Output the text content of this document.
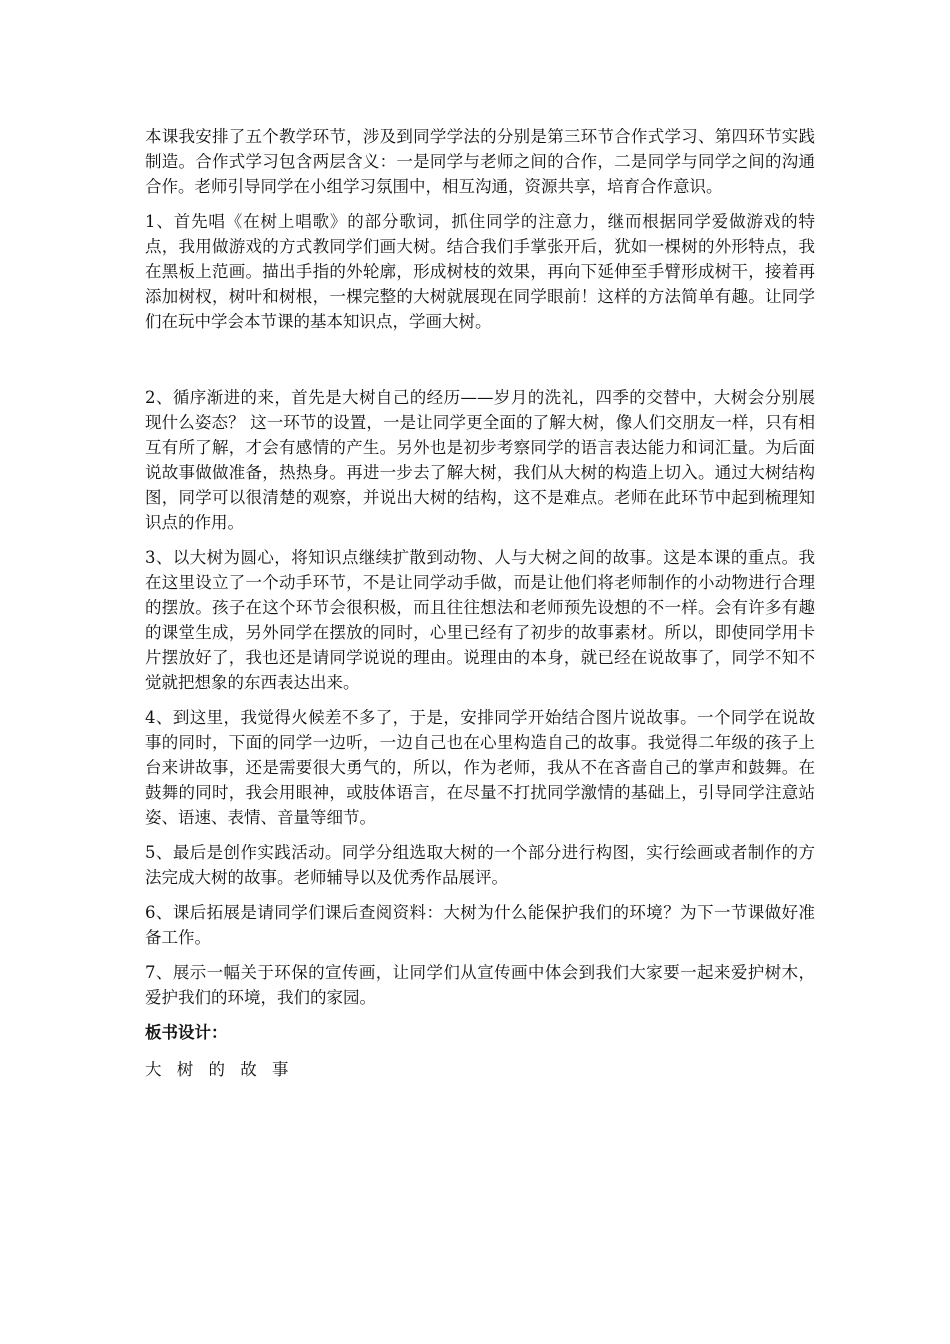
本课我安排了五个教学环节，涉及到同学学法的分别是第三环节合作式学习、第四环节实践制造。合作式学习包含两层含义：一是同学与老师之间的合作，二是同学与同学之间的沟通合作。老师引导同学在小组学习氛围中，相互沟通，资源共享，培育合作意识。

1、首先唱《在树上唱歌》的部分歌词，抓住同学的注意力，继而根据同学爱做游戏的特点，我用做游戏的方式教同学们画大树。结合我们手掌张开后，犹如一棵树的外形特点，我在黑板上范画。描出手指的外轮廓，形成树枝的效果，再向下延伸至手臂形成树干，接着再添加树杈，树叶和树根，一棵完整的大树就展现在同学眼前！这样的方法简单有趣。让同学们在玩中学会本节课的基本知识点，学画大树。

2、循序渐进的来，首先是大树自己的经历——岁月的洗礼，四季的交替中，大树会分别展现什么姿态？ 这一环节的设置，一是让同学更全面的了解大树，像人们交朋友一样，只有相互有所了解，才会有感情的产生。另外也是初步考察同学的语言表达能力和词汇量。为后面说故事做做准备，热热身。再进一步去了解大树，我们从大树的构造上切入。通过大树结构图，同学可以很清楚的观察，并说出大树的结构，这不是难点。老师在此环节中起到梳理知识点的作用。

3、以大树为圆心，将知识点继续扩散到动物、人与大树之间的故事。这是本课的重点。我在这里设立了一个动手环节，不是让同学动手做，而是让他们将老师制作的小动物进行合理的摆放。孩子在这个环节会很积极，而且往往想法和老师预先设想的不一样。会有许多有趣的课堂生成，另外同学在摆放的同时，心里已经有了初步的故事素材。所以，即使同学用卡片摆放好了，我也还是请同学说说的理由。说理由的本身，就已经在说故事了，同学不知不觉就把想象的东西表达出来。

4、到这里，我觉得火候差不多了，于是，安排同学开始结合图片说故事。一个同学在说故事的同时，下面的同学一边听，一边自己也在心里构造自己的故事。我觉得二年级的孩子上台来讲故事，还是需要很大勇气的，所以，作为老师，我从不在吝啬自己的掌声和鼓舞。在鼓舞的同时，我会用眼神，或肢体语言，在尽量不打扰同学激情的基础上，引导同学注意站姿、语速、表情、音量等细节。

5、最后是创作实践活动。同学分组选取大树的一个部分进行构图，实行绘画或者制作的方法完成大树的故事。老师辅导以及优秀作品展评。

6、课后拓展是请同学们课后查阅资料：大树为什么能保护我们的环境？为下一节课做好准备工作。

7、展示一幅关于环保的宣传画，让同学们从宣传画中体会到我们大家要一起来爱护树木，爱护我们的环境，我们的家园。

板书设计：

大 树 的 故 事
